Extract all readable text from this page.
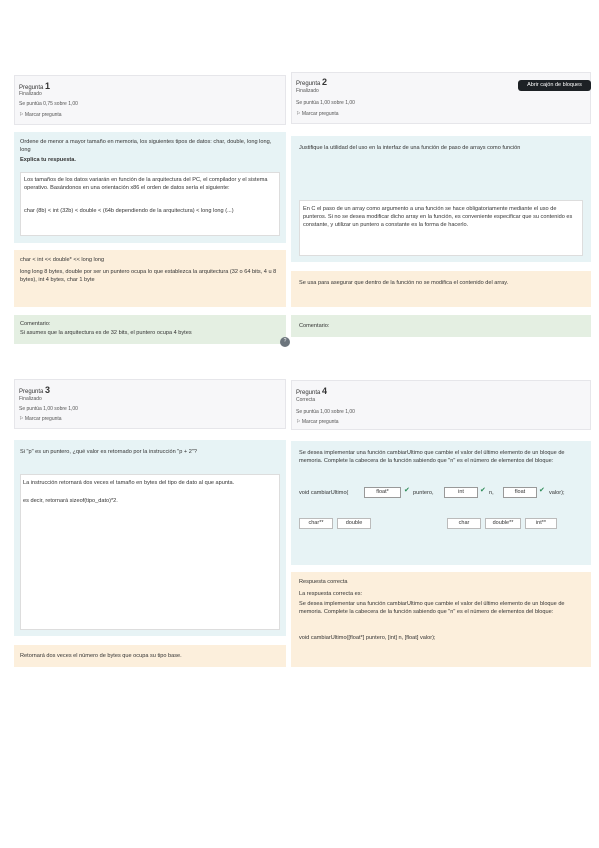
Pregunta 1
Finalizado
Se puntúa 0,75 sobre 1,00
⚐ Marcar pregunta
Ordene de menor a mayor tamaño en memoria, los siguientes tipos de datos: char, double, long long, long
Explica tu respuesta.
Los tamaños de los datos variarán en función de la arquitectura del PC, el compilador y el sistema operativo. Basándonos en una orientación x86 el orden de datos sería el siguiente:
char (8b) < int (32b) < double < (64b dependiendo de la arquitectura) < long long (...)
char < int << double* << long long
long long 8 bytes, double por ser un puntero ocupa lo que establezca la arquitectura (32 o 64 bits, 4 u 8 bytes), int 4 bytes, char 1 byte
Comentario:
Si asumes que la arquitectura es de 32 bits, el puntero ocupa 4 bytes
?
Pregunta 2
Finalizado
Se puntúa 1,00 sobre 1,00
⚐ Marcar pregunta
Abrir cajón de bloques
Justifique la utilidad del uso en la interfaz de una función de paso de arrays como función
En C el paso de un array como argumento a una función se hace obligatoriamente mediante el uso de punteros. Si no se desea modificar dicho array en la función, es conveniente especificar que su contenido es constante, y utilizar un puntero a constante es la forma de hacerlo.
Se usa para asegurar que dentro de la función no se modifica el contenido del array.
Comentario:
Pregunta 3
Finalizado
Se puntúa 1,00 sobre 1,00
⚐ Marcar pregunta
Si "p" es un puntero, ¿qué valor es retornado por la instrucción "p + 2"?
La instrucción retornará dos veces el tamaño en bytes del tipo de dato al que apunta.
es decir, retornará sizeof(tipo_dato)*2.
Retornará dos veces el número de bytes que ocupa su tipo base.
Pregunta 4
Correcta
Se puntúa 1,00 sobre 1,00
⚐ Marcar pregunta
Se desea implementar una función cambiarUltimo que cambie el valor del último elemento de un bloque de memoria. Complete la cabecera de la función sabiendo que "n" es el número de elementos del bloque:
void cambiarUltimo(	float*	✔ puntero,	int	✔ n,	float	✔ valor);
char**	double	char	double**	int**
Respuesta correcta
La respuesta correcta es:
Se desea implementar una función cambiarUltimo que cambie el valor del último elemento de un bloque de memoria. Complete la cabecera de la función sabiendo que "n" es el número de elementos del bloque:
void cambiarUltimo([float*] puntero, [int] n, [float] valor);
